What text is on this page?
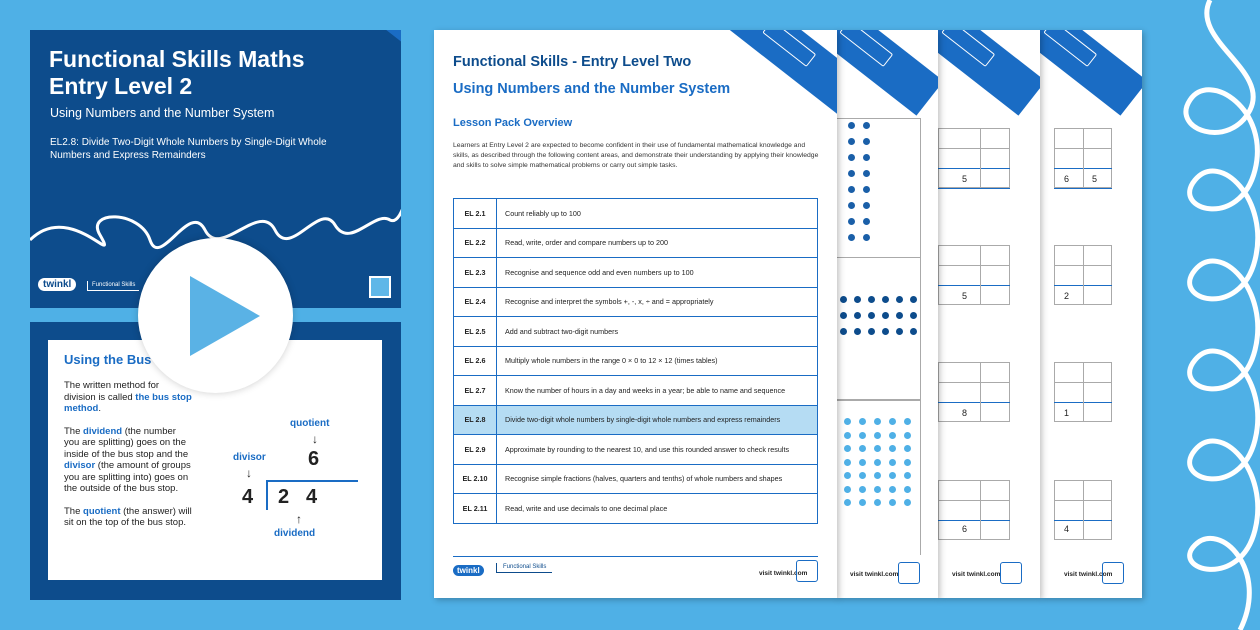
Functional Skills Maths Entry Level 2
Using Numbers and the Number System
EL2.8: Divide Two-Digit Whole Numbers by Single-Digit Whole Numbers and Express Remainders
twinkl	Functional Skills
Using the Bus

The written method for division is called the bus stop method.

The dividend (the number you are splitting) goes on the inside of the bus stop and the divisor (the amount of groups you are splitting into) goes on the outside of the bus stop.

The quotient (the answer) will sit on the top of the bus stop.

quotient
↓
6
divisor
↓
4 2 4
↑
dividend
6	5
2
1
4
visit twinkl.com
5
5
8
6
visit twinkl.com
visit twinkl.com
Functional Skills - Entry Level Two
Using Numbers and the Number System
Lesson Pack Overview
Learners at Entry Level 2 are expected to become confident in their use of fundamental mathematical knowledge and skills, as described through the following content areas, and demonstrate their understanding by applying their knowledge and skills to solve simple mathematical problems or carry out simple tasks.
EL 2.1	Count reliably up to 100
EL 2.2	Read, write, order and compare numbers up to 200
EL 2.3	Recognise and sequence odd and even numbers up to 100
EL 2.4	Recognise and interpret the symbols +, -, x, ÷ and = appropriately
EL 2.5	Add and subtract two-digit numbers
EL 2.6	Multiply whole numbers in the range 0 × 0 to 12 × 12 (times tables)
EL 2.7	Know the number of hours in a day and weeks in a year; be able to name and sequence
EL 2.8	Divide two-digit whole numbers by single-digit whole numbers and express remainders
EL 2.9	Approximate by rounding to the nearest 10, and use this rounded answer to check results
EL 2.10	Recognise simple fractions (halves, quarters and tenths) of whole numbers and shapes
EL 2.11	Read, write and use decimals to one decimal place
twinkl	Functional Skills
visit twinkl.com
